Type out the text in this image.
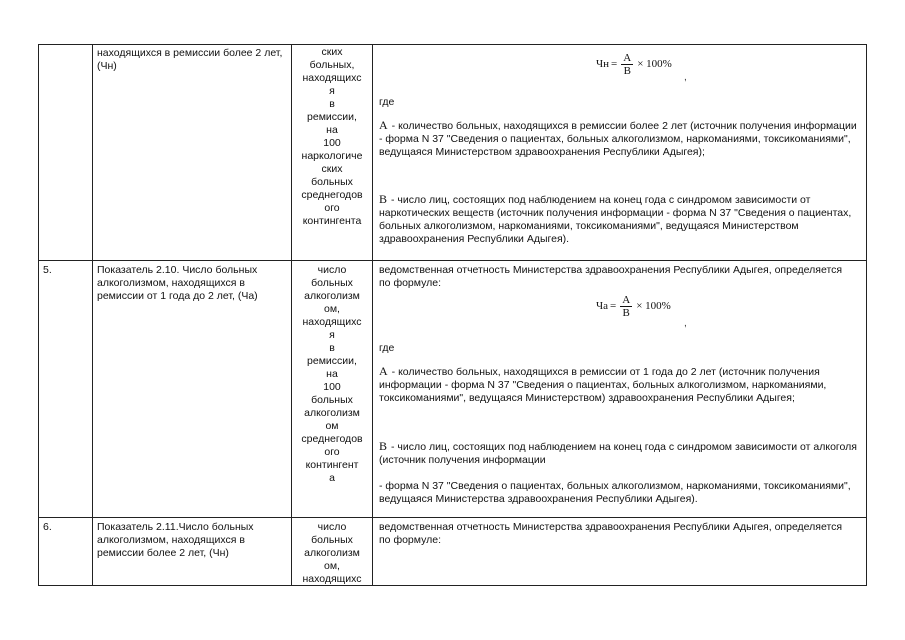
находящихся в ремиссии более 2 лет, (Чн)
ских больных, находящихс я в ремиссии, на 100 наркологиче ских больных среднегодов ого контингента
Чн = $\frac{A}{B} \times 100\%$
,
где

A - количество больных, находящихся в ремиссии более 2 лет (источник получения информации - форма N 37 "Сведения о пациентах, больных алкоголизмом, наркоманиями, токсикоманиями", ведущаяся Министерством здравоохранения Республики Адыгея);

B - число лиц, состоящих под наблюдением на конец года с синдромом зависимости от наркотических веществ (источник получения информации - форма N 37 "Сведения о пациентах, больных алкоголизмом, наркоманиями, токсикоманиями", ведущаяся Министерством здравоохранения Республики Адыгея).

5.	Показатель 2.10. Число больных алкоголизмом, находящихся в ремиссии от 1 года до 2 лет, (Ча)
число больных алкоголизм ом, находящихс я в ремиссии, на 100 больных алкоголизм ом среднегодов ого контингент а
ведомственная отчетность Министерства здравоохранения Республики Адыгея, определяется по формуле:
Ча = $\frac{A}{B} \times 100\%$
,
где

A - количество больных, находящихся в ремиссии от 1 года до 2 лет (источник получения информации - форма N 37 "Сведения о пациентах, больных алкоголизмом, наркоманиями, токсикоманиями", ведущаяся Министерством) здравоохранения Республики Адыгея;

B - число лиц, состоящих под наблюдением на конец года с синдромом зависимости от алкоголя (источник получения информации

- форма N 37 "Сведения о пациентах, больных алкоголизмом, наркоманиями, токсикоманиями", ведущаяся Министерства здравоохранения Республики Адыгея).
6.	Показатель 2.11.Число больных алкоголизмом, находящихся в ремиссии более 2 лет, (Чн)
число больных алкоголизм ом, находящихс
ведомственная отчетность Министерства здравоохранения Республики Адыгея, определяется по формуле:
